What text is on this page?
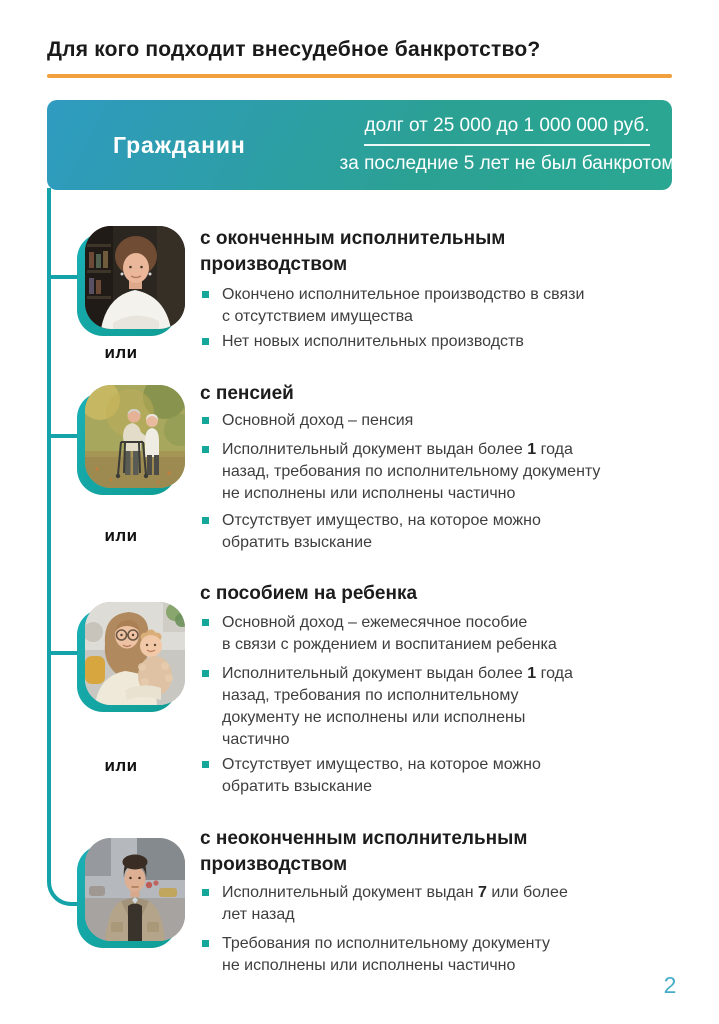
Для кого подходит внесудебное банкротство?
Гражданин
долг от 25 000 до 1 000 000 руб.
за последние 5 лет не был банкротом
или
или
или
с оконченным исполнительным
производством
Окончено исполнительное производство в связи
с отсутствием имущества
Нет новых исполнительных производств
с пенсией
Основной доход – пенсия
Исполнительный документ выдан более 1 года
назад, требования по исполнительному документу
не исполнены или исполнены частично
Отсутствует имущество, на которое можно
обратить взыскание
с пособием на ребенка
Основной доход – ежемесячное пособие
в связи с рождением и воспитанием ребенка
Исполнительный документ выдан более 1 года
назад, требования по исполнительному
документу не исполнены или исполнены
частично
Отсутствует имущество, на которое можно
обратить взыскание
с неоконченным исполнительным
производством
Исполнительный документ выдан 7 или более
лет назад
Требования по исполнительному документу
не исполнены или исполнены частично
2
